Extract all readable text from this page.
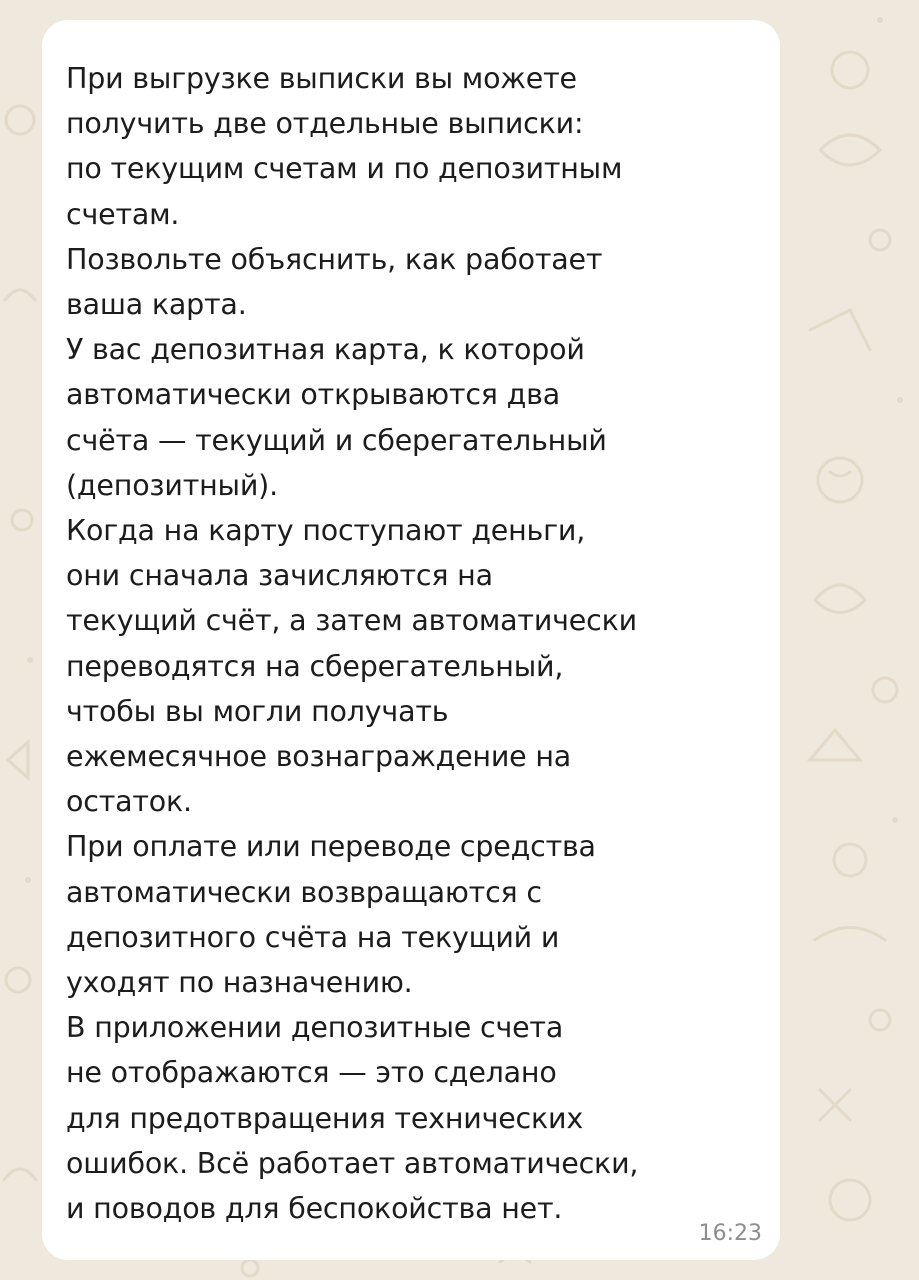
При выгрузке выписки вы можете
получить две отдельные выписки:
по текущим счетам и по депозитным
счетам.
Позвольте объяснить, как работает
ваша карта.
У вас депозитная карта, к которой
автоматически открываются два
счёта — текущий и сберегательный
(депозитный).
Когда на карту поступают деньги,
они сначала зачисляются на
текущий счёт, а затем автоматически
переводятся на сберегательный,
чтобы вы могли получать
ежемесячное вознаграждение на
остаток.
При оплате или переводе средства
автоматически возвращаются с
депозитного счёта на текущий и
уходят по назначению.
В приложении депозитные счета
не отображаются — это сделано
для предотвращения технических
ошибок. Всё работает автоматически,
и поводов для беспокойства нет.
16:23
